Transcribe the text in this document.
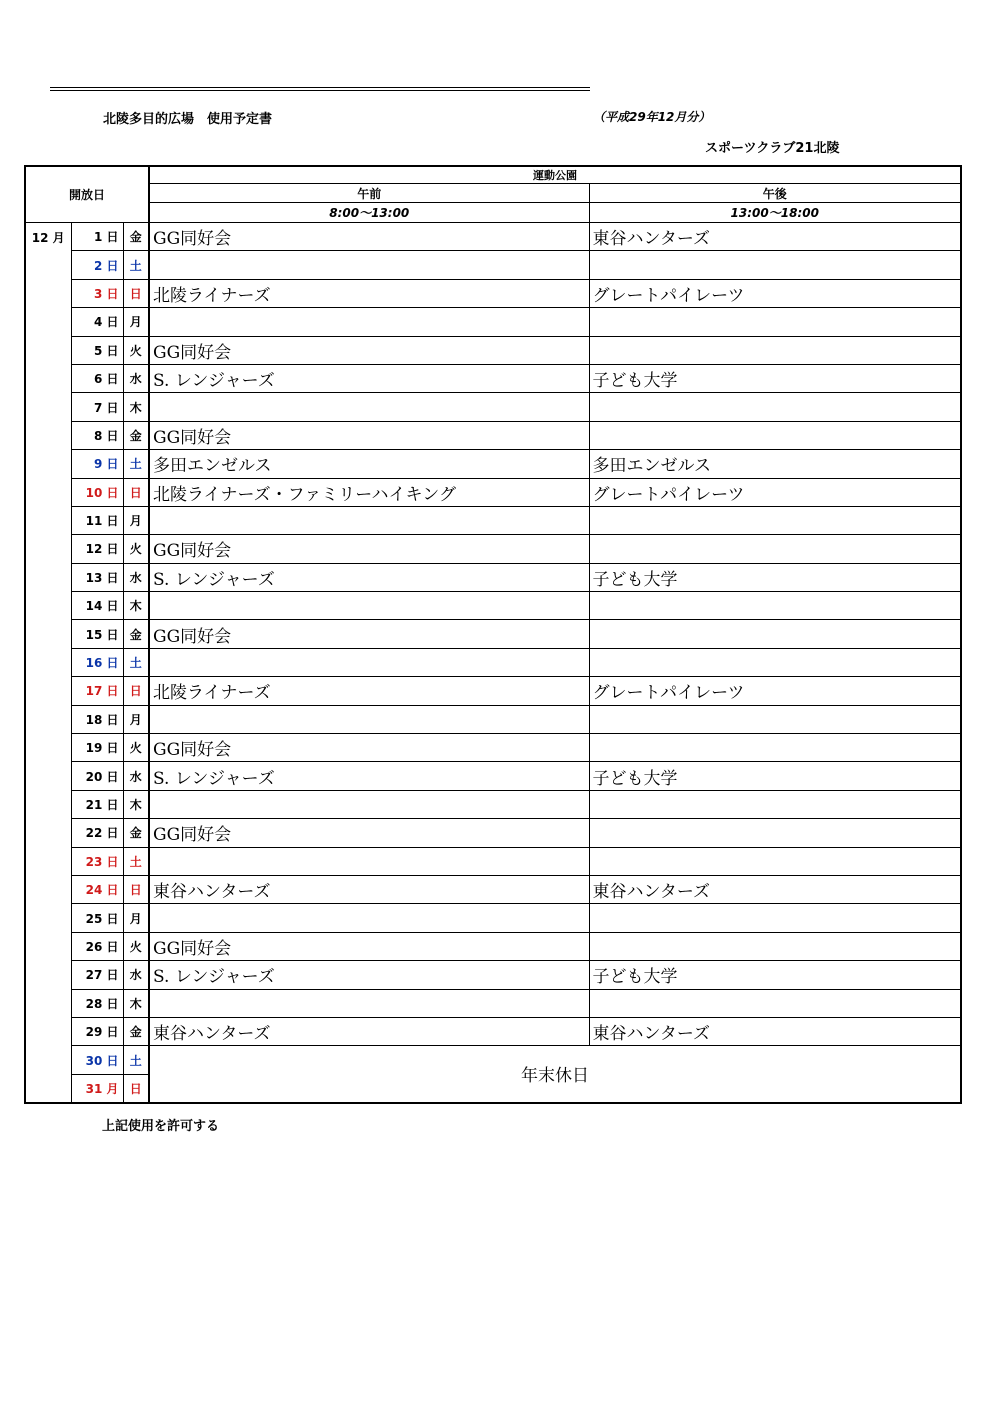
北陵多目的広場　使用予定書	（平成29年12月分）
スポーツクラブ21北陵
開放日			運動公園	
			午前	午後
			8:00～13:00	13:00～18:00
12 月	1 日	金	GG同好会	東谷ハンターズ
	2 日	土		
	3 日	日	北陵ライナーズ	グレートパイレーツ
	4 日	月		
	5 日	火	GG同好会	
	6 日	水	S. レンジャーズ	子ども大学
	7 日	木		
	8 日	金	GG同好会	
	9 日	土	多田エンゼルス	多田エンゼルス
	10 日	日	北陵ライナーズ・ファミリーハイキング	グレートパイレーツ
	11 日	月		
	12 日	火	GG同好会	
	13 日	水	S. レンジャーズ	子ども大学
	14 日	木		
	15 日	金	GG同好会	
	16 日	土		
	17 日	日	北陵ライナーズ	グレートパイレーツ
	18 日	月		
	19 日	火	GG同好会	
	20 日	水	S. レンジャーズ	子ども大学
	21 日	木		
	22 日	金	GG同好会	
	23 日	土		
	24 日	日	東谷ハンターズ	東谷ハンターズ
	25 日	月		
	26 日	火	GG同好会	
	27 日	水	S. レンジャーズ	子ども大学
	28 日	木		
	29 日	金	東谷ハンターズ	東谷ハンターズ
	30 日	土	年末休日	
	31 月	日		
上記使用を許可する
